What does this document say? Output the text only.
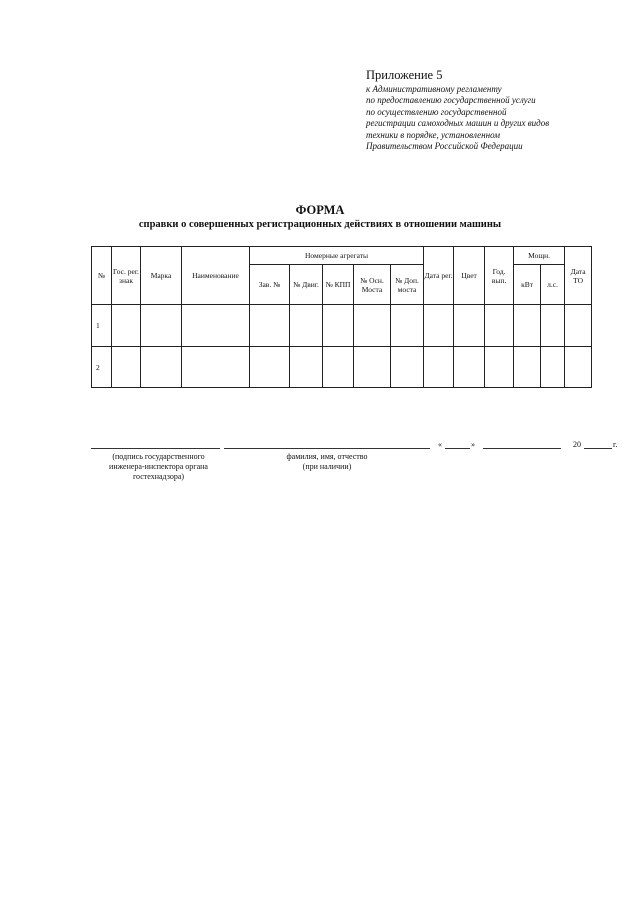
Приложение 5
к Административному регламенту
по предоставлению государственной услуги
по осуществлению государственной
регистрации самоходных машин и других видов
техники в порядке, установленном
Правительством Российской Федерации
ФОРМА
справки о совершенных регистрационных действиях в отношении машины
№	Гос. рег. знак	Марка	Наименование	Номерные агрегаты					Дата рег.	Цвет	Год. вып.	Мощн.		Дата ТО
				Зав. №	№ Двиг.	№ КПП	№ Осн. Моста	№ Доп. моста				кВт	л.с.	
1														
2														
«	»	20	г.
(подпись государственного
инженера-инспектора органа
гостехнадзора)
фамилия, имя, отчество
(при наличии)
